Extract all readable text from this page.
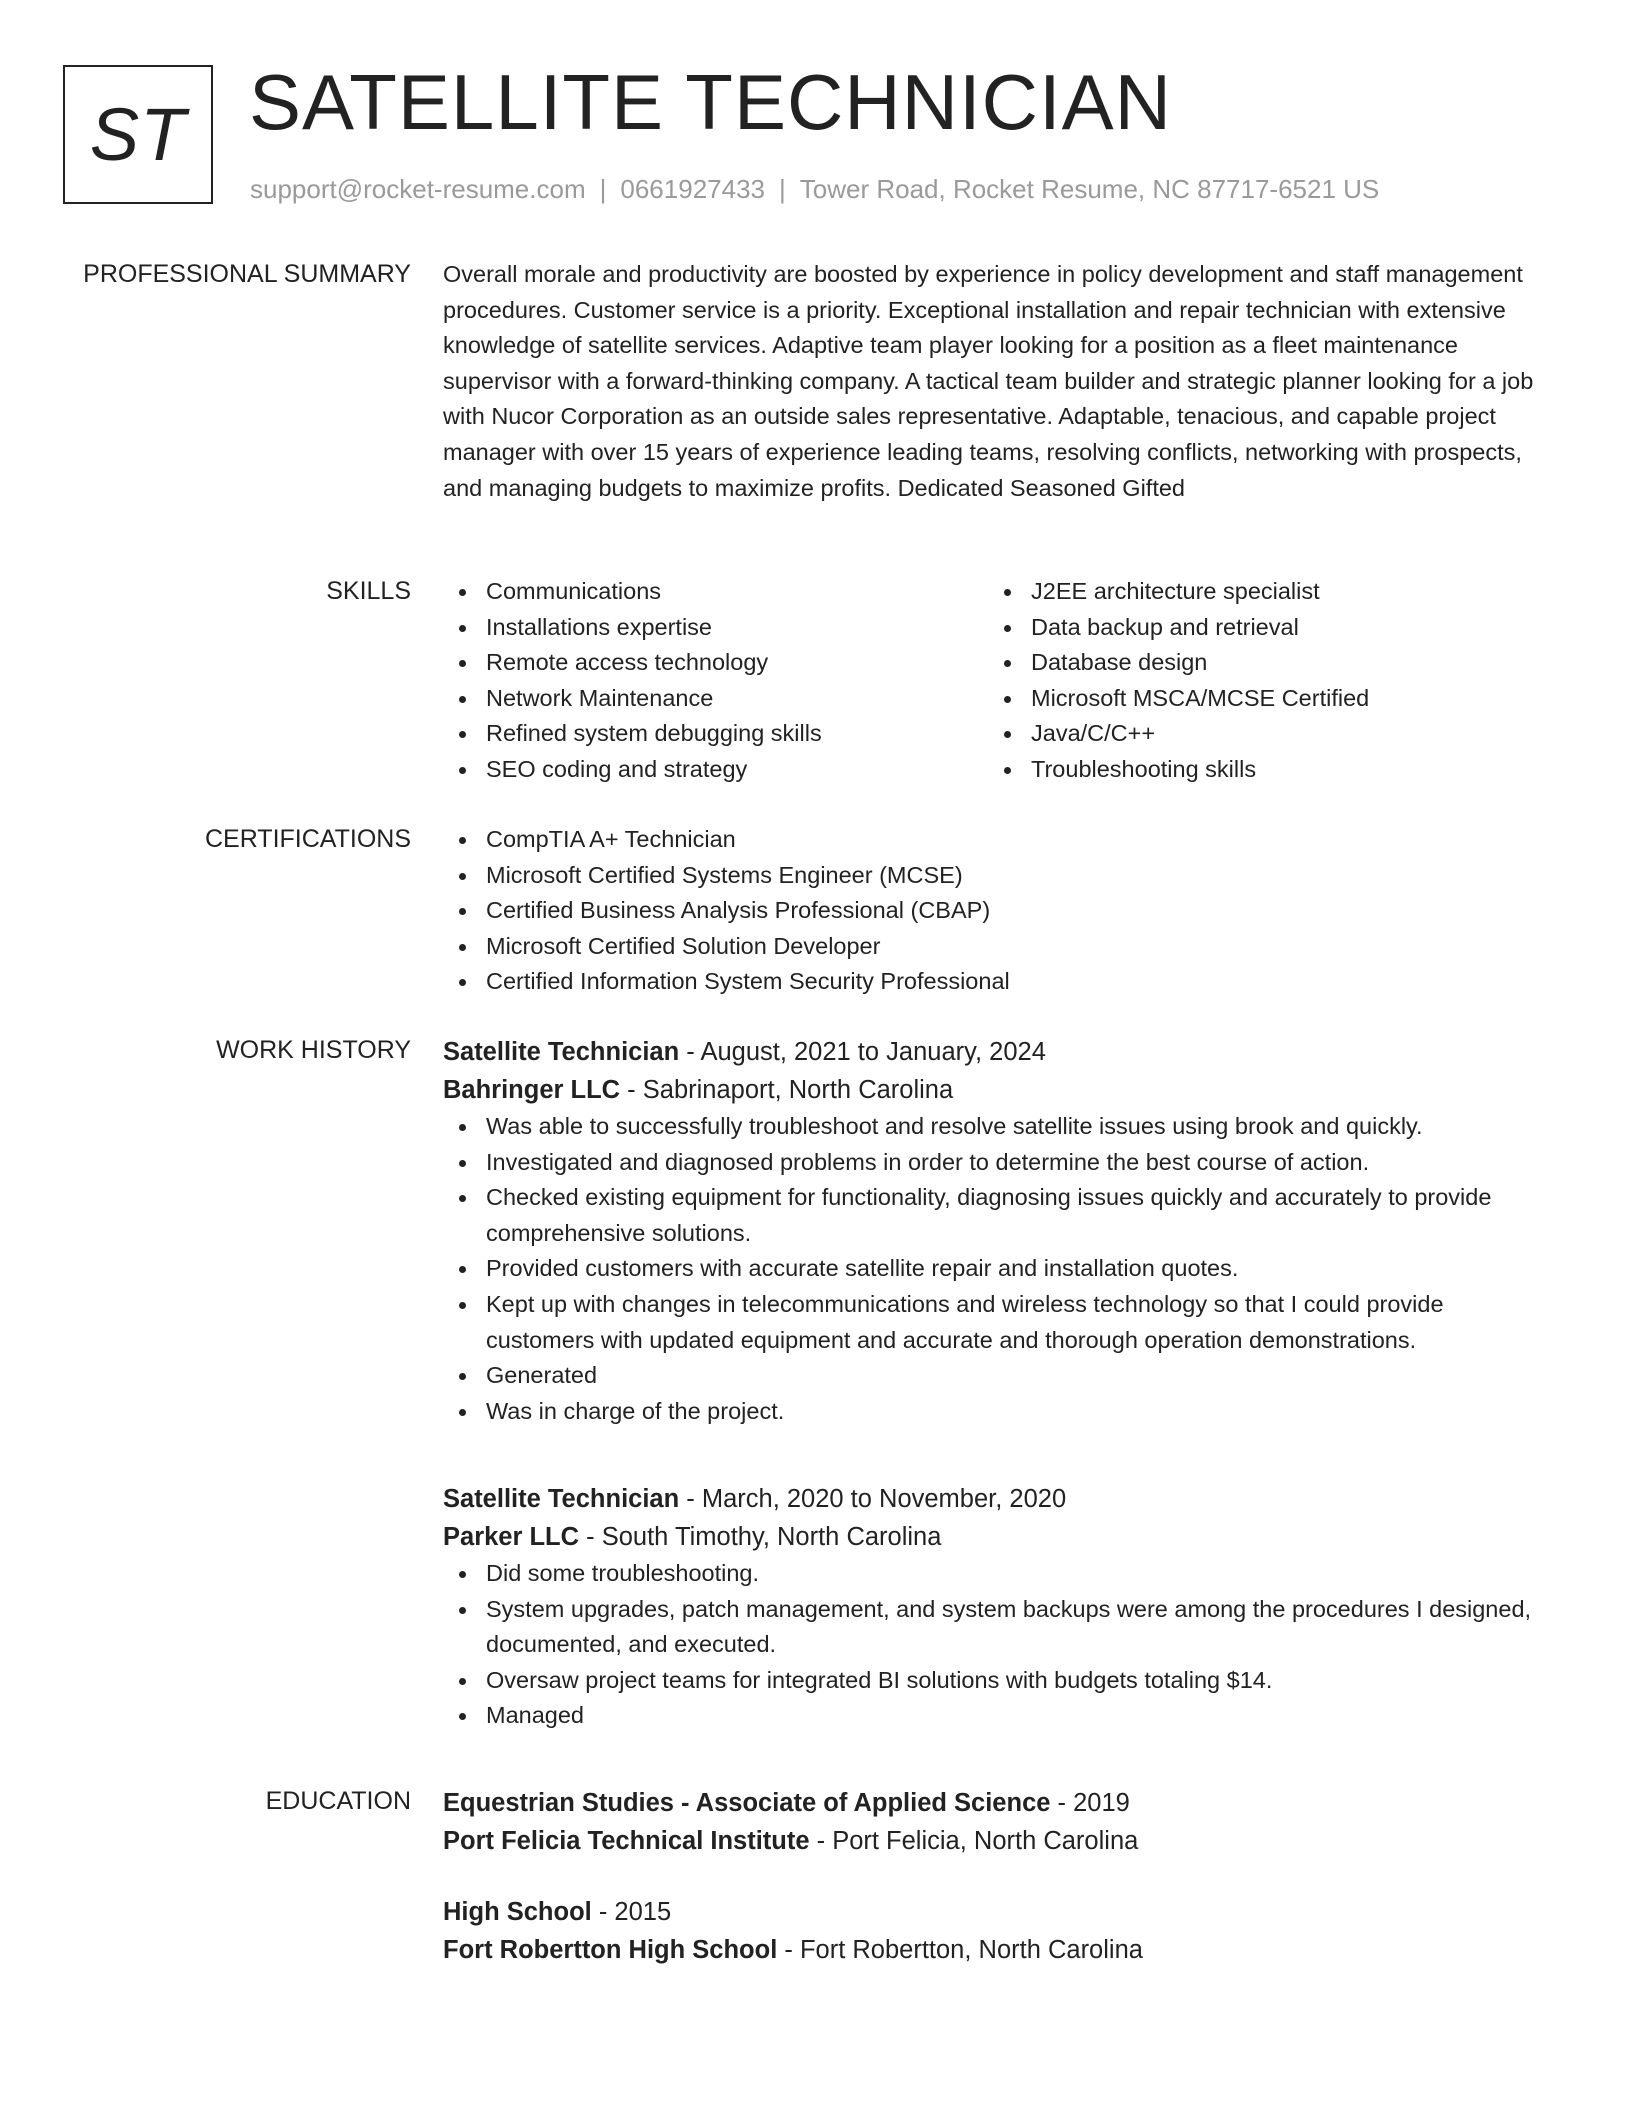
ST SATELLITE TECHNICIAN
support@rocket-resume.com | 0661927433 | Tower Road, Rocket Resume, NC 87717-6521 US
PROFESSIONAL SUMMARY Overall morale and productivity are boosted by experience in policy development and staff management procedures. Customer service is a priority. Exceptional installation and repair technician with extensive knowledge of satellite services. Adaptive team player looking for a position as a fleet maintenance supervisor with a forward-thinking company. A tactical team builder and strategic planner looking for a job with Nucor Corporation as an outside sales representative. Adaptable, tenacious, and capable project manager with over 15 years of experience leading teams, resolving conflicts, networking with prospects, and managing budgets to maximize profits. Dedicated Seasoned Gifted

SKILLS	Communications
Installations expertise
Remote access technology
Network Maintenance
Refined system debugging skills
SEO coding and strategy
J2EE architecture specialist
Data backup and retrieval
Database design
Microsoft MSCA/MCSE Certified
Java/C/C++
Troubleshooting skills
CERTIFICATIONS	CompTIA A+ Technician
Microsoft Certified Systems Engineer (MCSE)
Certified Business Analysis Professional (CBAP)
Microsoft Certified Solution Developer
Certified Information System Security Professional
WORK HISTORY Satellite Technician - August, 2021 to January, 2024
Bahringer LLC - Sabrinaport, North Carolina
Was able to successfully troubleshoot and resolve satellite issues using brook and quickly.
Investigated and diagnosed problems in order to determine the best course of action.
Checked existing equipment for functionality, diagnosing issues quickly and accurately to provide comprehensive solutions.
Provided customers with accurate satellite repair and installation quotes.
Kept up with changes in telecommunications and wireless technology so that I could provide customers with updated equipment and accurate and thorough operation demonstrations.
Generated
Was in charge of the project.
Satellite Technician - March, 2020 to November, 2020
Parker LLC - South Timothy, North Carolina
Did some troubleshooting.
System upgrades, patch management, and system backups were among the procedures I designed, documented, and executed.
Oversaw project teams for integrated BI solutions with budgets totaling $14.
Managed
EDUCATION Equestrian Studies - Associate of Applied Science - 2019
Port Felicia Technical Institute - Port Felicia, North Carolina
High School - 2015
Fort Robertton High School - Fort Robertton, North Carolina
